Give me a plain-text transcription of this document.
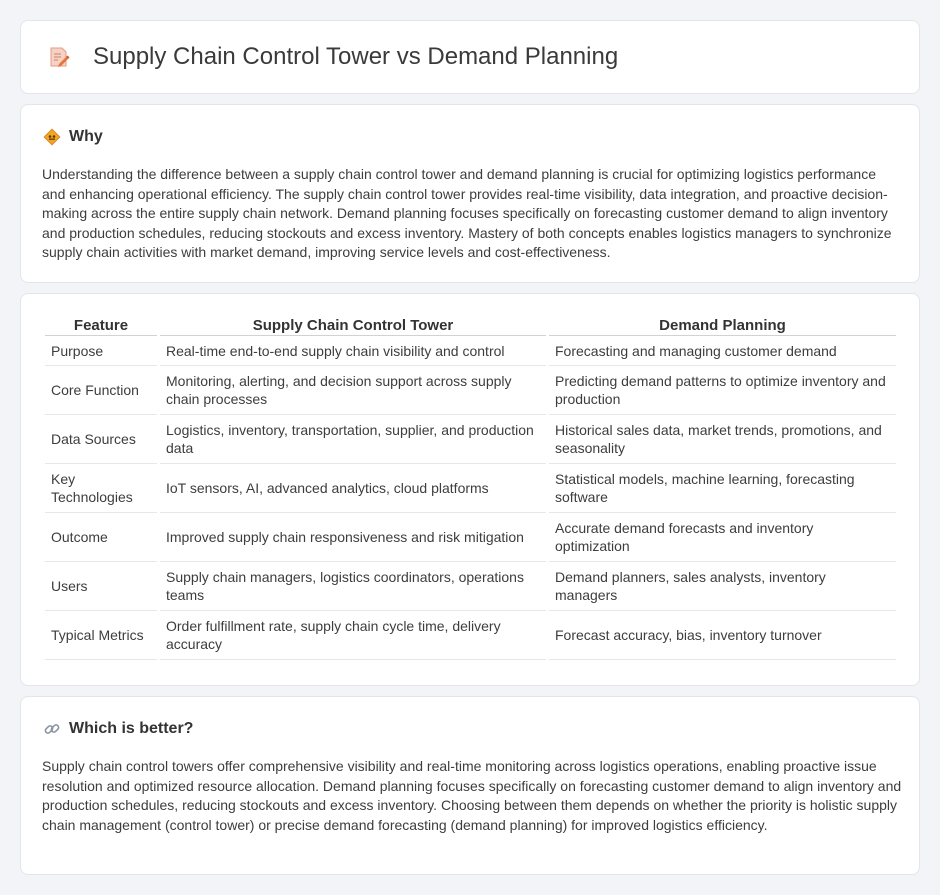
Supply Chain Control Tower vs Demand Planning
Why

Understanding the difference between a supply chain control tower and demand planning is crucial for optimizing logistics performance and enhancing operational efficiency. The supply chain control tower provides real-time visibility, data integration, and proactive decision-making across the entire supply chain network. Demand planning focuses specifically on forecasting customer demand to align inventory and production schedules, reducing stockouts and excess inventory. Mastery of both concepts enables logistics managers to synchronize supply chain activities with market demand, improving service levels and cost-effectiveness.

Feature	Supply Chain Control Tower	Demand Planning
Purpose	Real-time end-to-end supply chain visibility and control	Forecasting and managing customer demand
Core Function	Monitoring, alerting, and decision support across supply chain processes	Predicting demand patterns to optimize inventory and production
Data Sources	Logistics, inventory, transportation, supplier, and production data	Historical sales data, market trends, promotions, and seasonality
Key Technologies	IoT sensors, AI, advanced analytics, cloud platforms	Statistical models, machine learning, forecasting software
Outcome	Improved supply chain responsiveness and risk mitigation	Accurate demand forecasts and inventory optimization
Users	Supply chain managers, logistics coordinators, operations teams	Demand planners, sales analysts, inventory managers
Typical Metrics	Order fulfillment rate, supply chain cycle time, delivery accuracy	Forecast accuracy, bias, inventory turnover
Which is better?

Supply chain control towers offer comprehensive visibility and real-time monitoring across logistics operations, enabling proactive issue resolution and optimized resource allocation. Demand planning focuses specifically on forecasting customer demand to align inventory and production schedules, reducing stockouts and excess inventory. Choosing between them depends on whether the priority is holistic supply chain management (control tower) or precise demand forecasting (demand planning) for improved logistics efficiency.
